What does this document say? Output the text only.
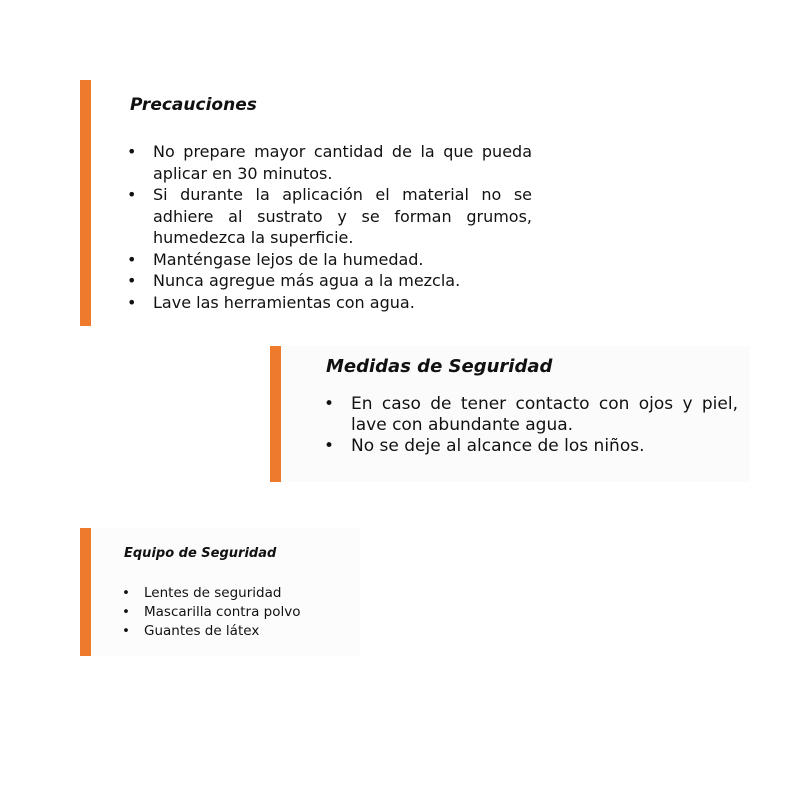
Precauciones
• No prepare mayor cantidad de la que pueda aplicar en 30 minutos.
• Si durante la aplicación el material no se adhiere al sustrato y se forman grumos, humedezca la superficie.
• Manténgase lejos de la humedad.
• Nunca agregue más agua a la mezcla.
• Lave las herramientas con agua.
Medidas de Seguridad
• En caso de tener contacto con ojos y piel, lave con abundante agua.
• No se deje al alcance de los niños.
Equipo de Seguridad
• Lentes de seguridad
• Mascarilla contra polvo
• Guantes de látex
